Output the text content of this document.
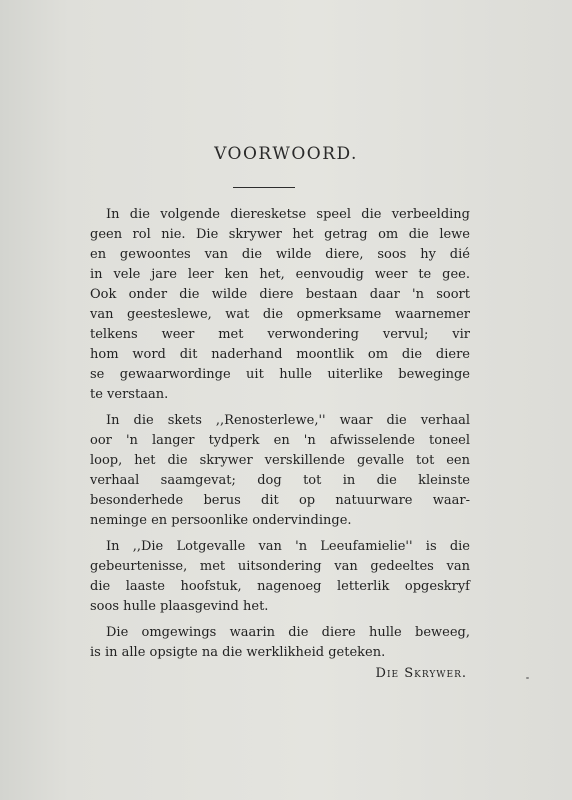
VOORWOORD.
In die volgende dieresketse speel die verbeelding
geen rol nie. Die skrywer het getrag om die lewe
en gewoontes van die wilde diere, soos hy dié
in vele jare leer ken het, eenvoudig weer te gee.
Ook onder die wilde diere bestaan daar 'n soort
van geesteslewe, wat die opmerksame waarnemer
telkens weer met verwondering vervul; vir
hom word dit naderhand moontlik om die diere
se gewaarwordinge uit hulle uiterlike beweginge
te verstaan.
In die skets ,,Renosterlewe,'' waar die verhaal
oor 'n langer tydperk en 'n afwisselende toneel
loop, het die skrywer verskillende gevalle tot een
verhaal saamgevat; dog tot in die kleinste
besonderhede berus dit op natuurware waar-
neminge en persoonlike ondervindinge.
In ,,Die Lotgevalle van 'n Leeufamielie'' is die
gebeurtenisse, met uitsondering van gedeeltes van
die laaste hoofstuk, nagenoeg letterlik opgeskryf
soos hulle plaasgevind het.
Die omgewings waarin die diere hulle beweeg,
is in alle opsigte na die werklikheid geteken.
Die Skrywer.
